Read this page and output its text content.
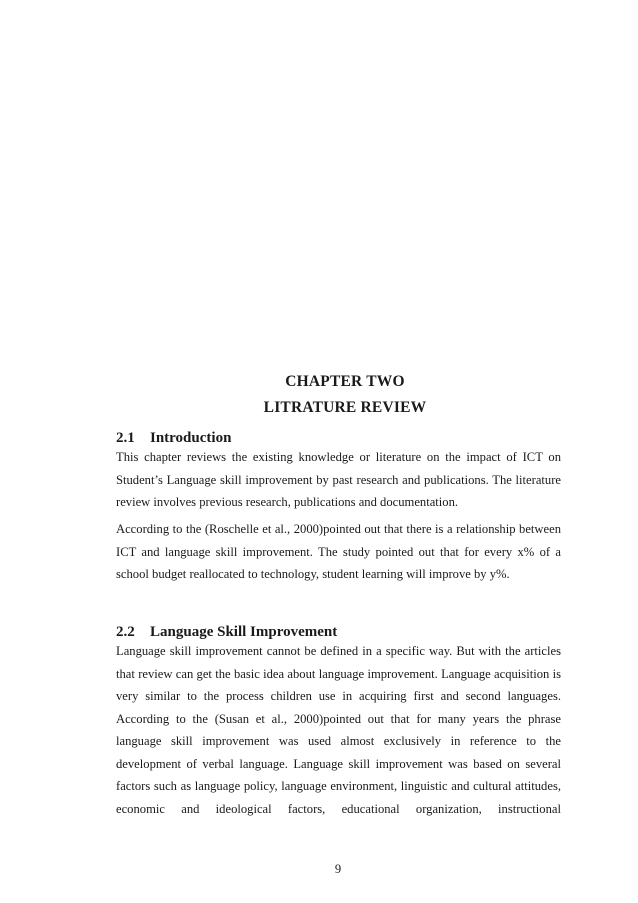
CHAPTER TWO
LITRATURE REVIEW
2.1 Introduction

This chapter reviews the existing knowledge or literature on the impact of ICT on Student’s Language skill improvement by past research and publications. The literature review involves previous research, publications and documentation.

According to the (Roschelle et al., 2000)pointed out that there is a relationship between ICT and language skill improvement. The study pointed out that for every x% of a school budget reallocated to technology, student learning will improve by y%.

2.2 Language Skill Improvement

Language skill improvement cannot be defined in a specific way. But with the articles that review can get the basic idea about language improvement. Language acquisition is very similar to the process children use in acquiring first and second languages. According to the (Susan et al., 2000)pointed out that for many years the phrase language skill improvement was used almost exclusively in reference to the development of verbal language. Language skill improvement was based on several factors such as language policy, language environment, linguistic and cultural attitudes, economic and ideological factors, educational organization, instructional

9
